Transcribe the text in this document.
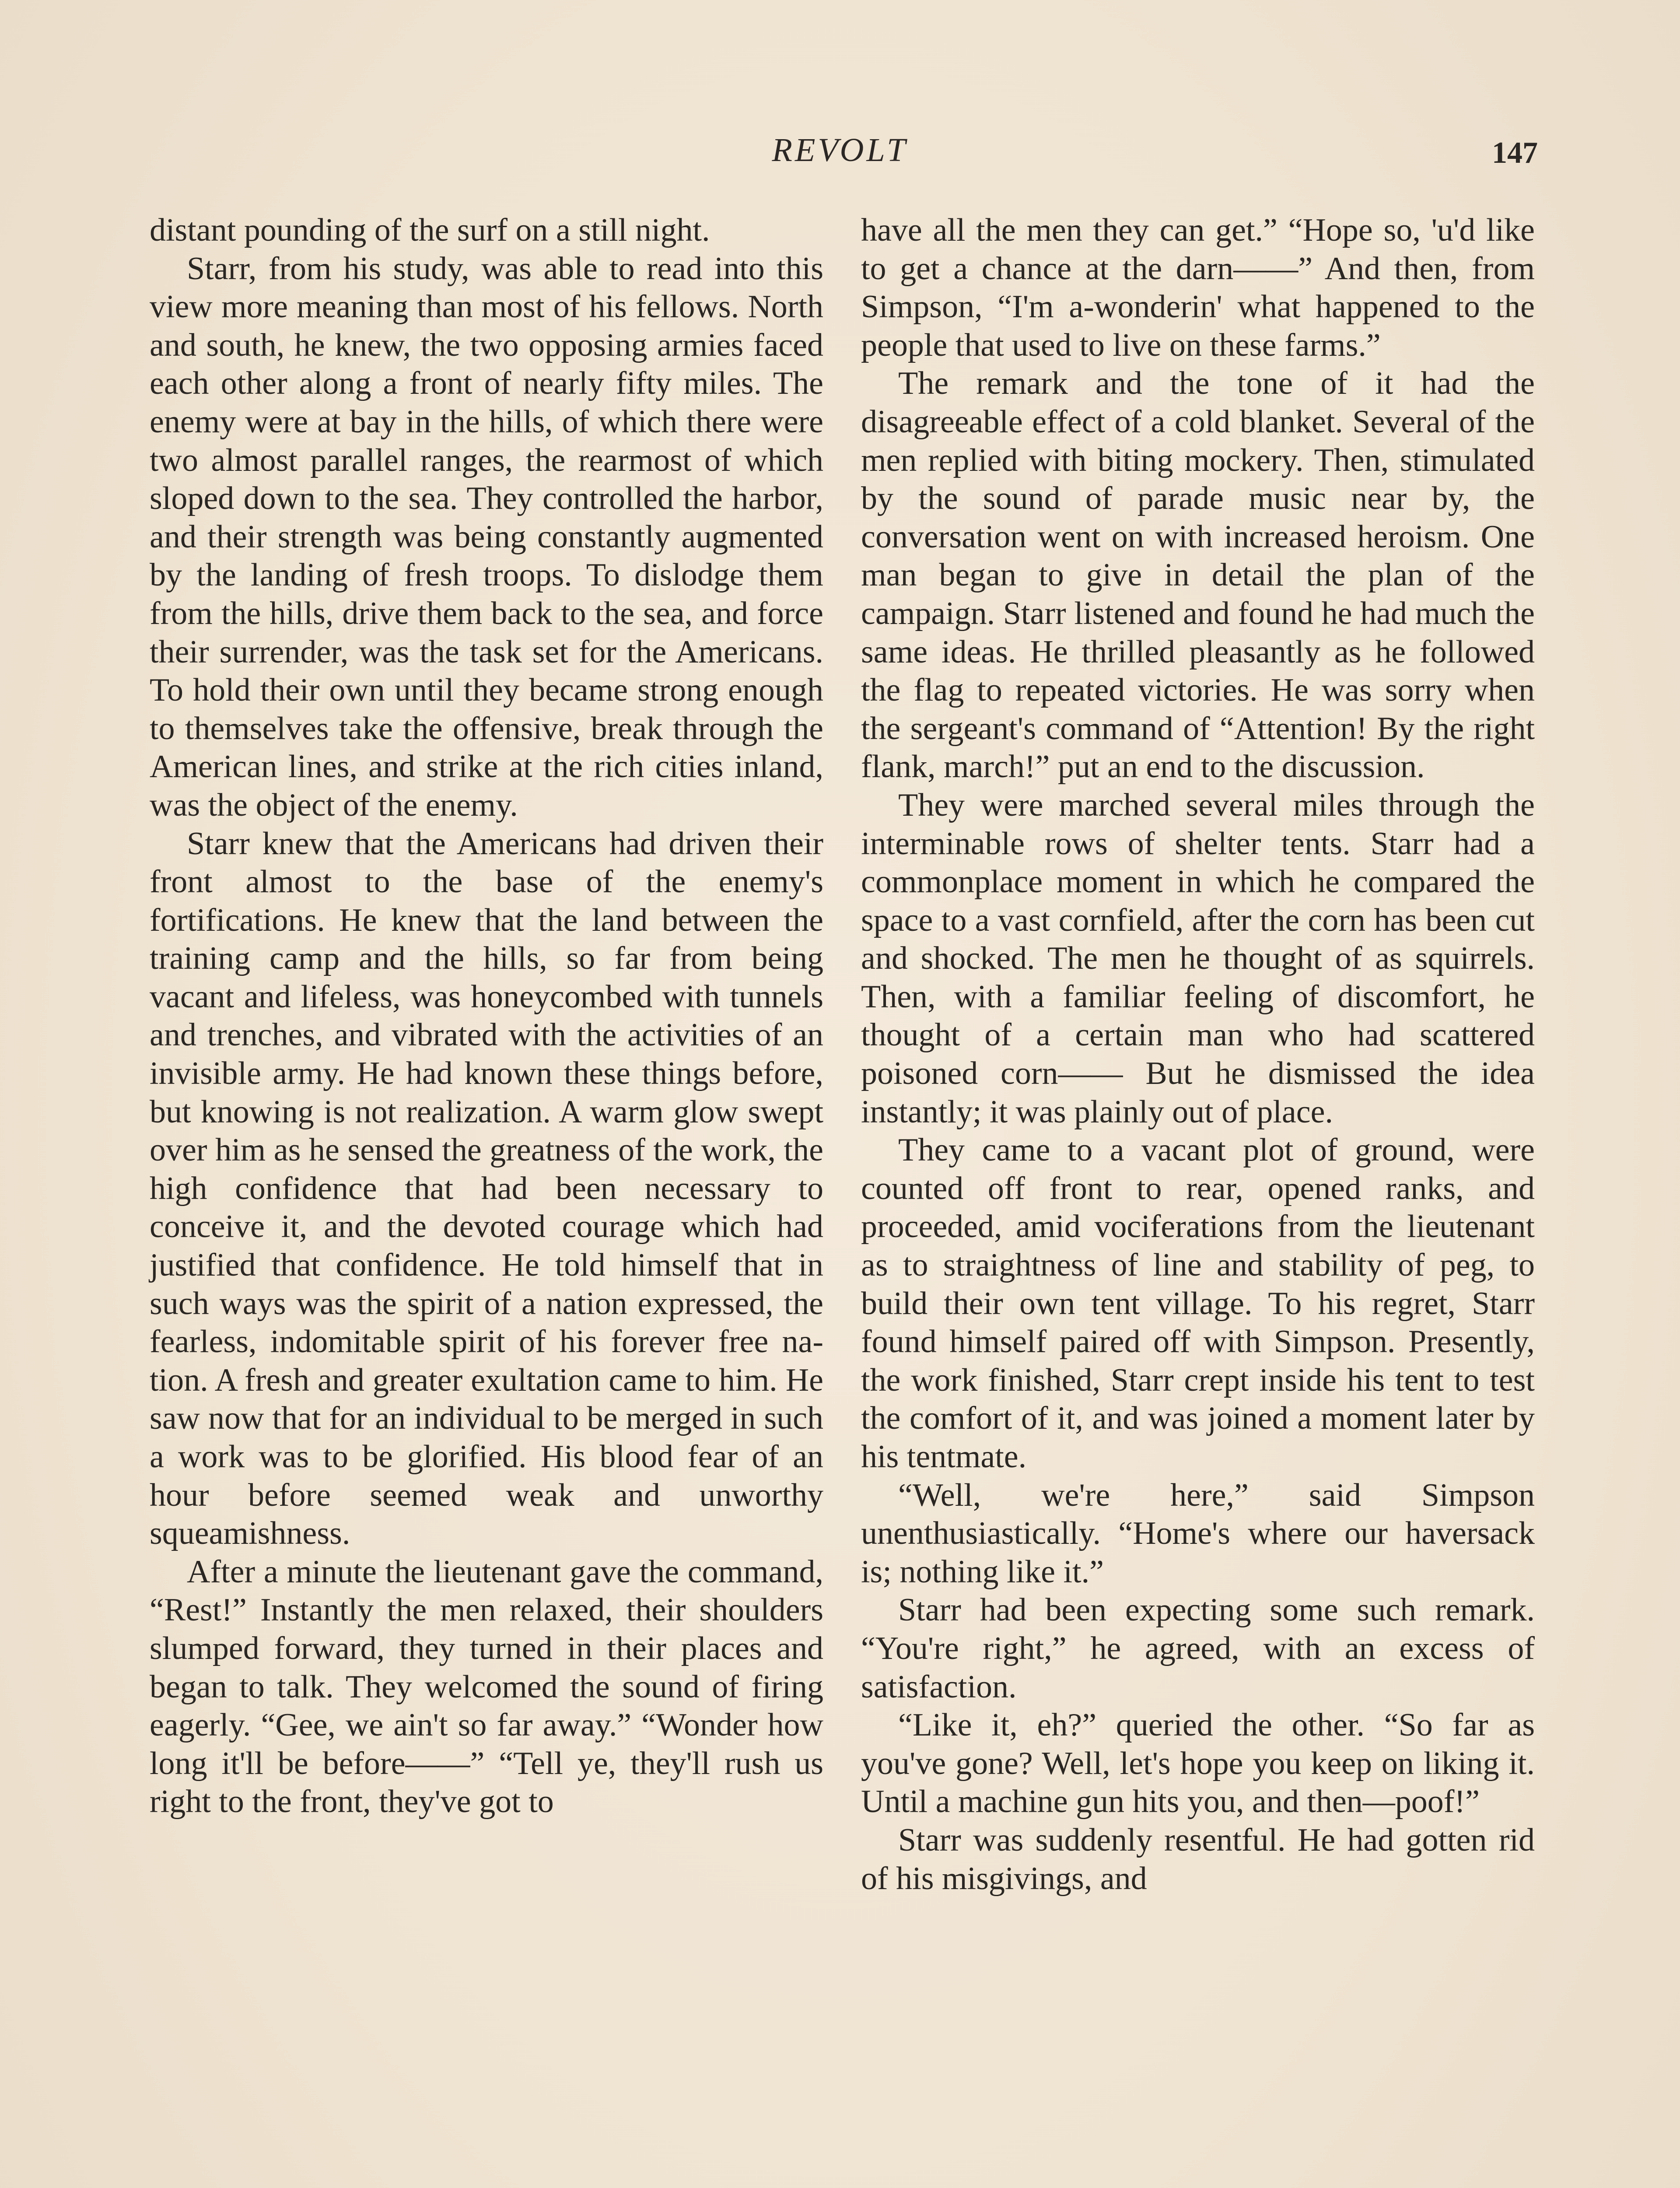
REVOLT	147

distant pounding of the surf on a still night.

Starr, from his study, was able to read into this view more meaning than most of his fellows. North and south, he knew, the two opposing armies faced each other along a front of nearly fifty miles. The enemy were at bay in the hills, of which there were two almost parallel ranges, the rearmost of which sloped down to the sea. They controlled the harbor, and their strength was being constantly augmented by the landing of fresh troops. To dislodge them from the hills, drive them back to the sea, and force their surrender, was the task set for the Americans. To hold their own until they became strong enough to themselves take the offensive, break through the American lines, and strike at the rich cities inland, was the object of the enemy.

Starr knew that the Americans had driven their front almost to the base of the enemy's fortifications. He knew that the land between the training camp and the hills, so far from being vacant and lifeless, was honeycombed with tunnels and trenches, and vibrated with the activities of an invisible army. He had known these things before, but knowing is not realization. A warm glow swept over him as he sensed the greatness of the work, the high confidence that had been necessary to conceive it, and the devoted courage which had justified that confidence. He told himself that in such ways was the spirit of a nation expressed, the fearless, indomitable spirit of his forever free nation. A fresh and greater exultation came to him. He saw now that for an individual to be merged in such a work was to be glorified. His blood fear of an hour before seemed weak and unworthy squeamishness.

After a minute the lieutenant gave the command, “Rest!” Instantly the men relaxed, their shoulders slumped forward, they turned in their places and began to talk. They welcomed the sound of firing eagerly. “Gee, we ain't so far away.” “Wonder how long it'll be before——” “Tell ye, they'll rush us right to the front, they've got to

have all the men they can get.” “Hope so, 'u'd like to get a chance at the darn——” And then, from Simpson, “I'm a-wonderin' what happened to the people that used to live on these farms.”

The remark and the tone of it had the disagreeable effect of a cold blanket. Several of the men replied with biting mockery. Then, stimulated by the sound of parade music near by, the conversation went on with increased heroism. One man began to give in detail the plan of the campaign. Starr listened and found he had much the same ideas. He thrilled pleasantly as he followed the flag to repeated victories. He was sorry when the sergeant's command of “Attention! By the right flank, march!” put an end to the discussion.

They were marched several miles through the interminable rows of shelter tents. Starr had a commonplace moment in which he compared the space to a vast cornfield, after the corn has been cut and shocked. The men he thought of as squirrels. Then, with a familiar feeling of discomfort, he thought of a certain man who had scattered poisoned corn—— But he dismissed the idea instantly; it was plainly out of place.

They came to a vacant plot of ground, were counted off front to rear, opened ranks, and proceeded, amid vociferations from the lieutenant as to straightness of line and stability of peg, to build their own tent village. To his regret, Starr found himself paired off with Simpson. Presently, the work finished, Starr crept inside his tent to test the comfort of it, and was joined a moment later by his tentmate.

“Well, we're here,” said Simpson unenthusiastically. “Home's where our haversack is; nothing like it.”

Starr had been expecting some such remark. “You're right,” he agreed, with an excess of satisfaction.

“Like it, eh?” queried the other. “So far as you've gone? Well, let's hope you keep on liking it. Until a machine gun hits you, and then—poof!”

Starr was suddenly resentful. He had gotten rid of his misgivings, and
